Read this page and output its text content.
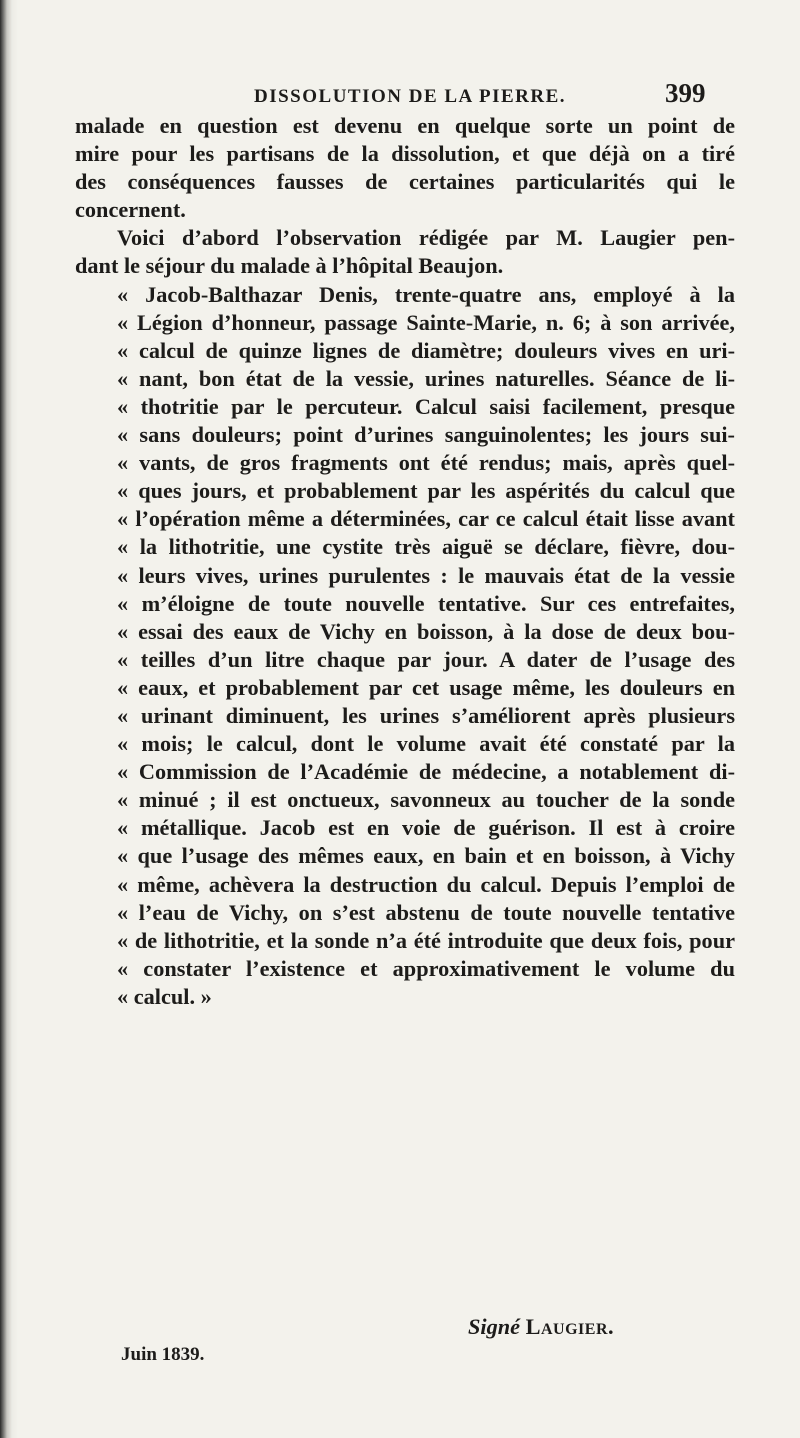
DISSOLUTION DE LA PIERRE.	399
malade en question est devenu en quelque sorte un point de
mire pour les partisans de la dissolution, et que déjà on a tiré
des conséquences fausses de certaines particularités qui le
concernent.
Voici d’abord l’observation rédigée par M. Laugier pen-
dant le séjour du malade à l’hôpital Beaujon.
« Jacob-Balthazar Denis, trente-quatre ans, employé à la
« Légion d’honneur, passage Sainte-Marie, n. 6; à son arrivée,
« calcul de quinze lignes de diamètre; douleurs vives en uri-
« nant, bon état de la vessie, urines naturelles. Séance de li-
« thotritie par le percuteur. Calcul saisi facilement, presque
« sans douleurs; point d’urines sanguinolentes; les jours sui-
« vants, de gros fragments ont été rendus; mais, après quel-
« ques jours, et probablement par les aspérités du calcul que
« l’opération même a déterminées, car ce calcul était lisse avant
« la lithotritie, une cystite très aiguë se déclare, fièvre, dou-
« leurs vives, urines purulentes : le mauvais état de la vessie
« m’éloigne de toute nouvelle tentative. Sur ces entrefaites,
« essai des eaux de Vichy en boisson, à la dose de deux bou-
« teilles d’un litre chaque par jour. A dater de l’usage des
« eaux, et probablement par cet usage même, les douleurs en
« urinant diminuent, les urines s’améliorent après plusieurs
« mois; le calcul, dont le volume avait été constaté par la
« Commission de l’Académie de médecine, a notablement di-
« minué ; il est onctueux, savonneux au toucher de la sonde
« métallique. Jacob est en voie de guérison. Il est à croire
« que l’usage des mêmes eaux, en bain et en boisson, à Vichy
« même, achèvera la destruction du calcul. Depuis l’emploi de
« l’eau de Vichy, on s’est abstenu de toute nouvelle tentative
« de lithotritie, et la sonde n’a été introduite que deux fois, pour
« constater l’existence et approximativement le volume du
« calcul. »
Signé Laugier.
Juin 1839.
